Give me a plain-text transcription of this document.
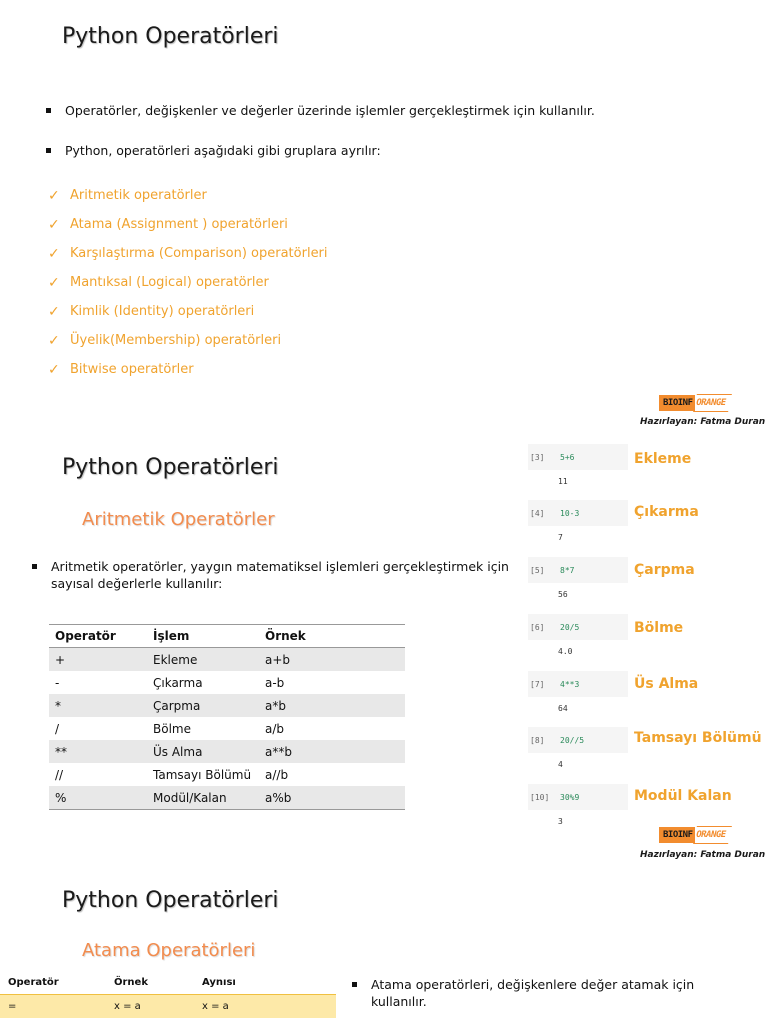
Python Operatörleri
Operatörler, değişkenler ve değerler üzerinde işlemler gerçekleştirmek için kullanılır.
Python, operatörleri aşağıdaki gibi gruplara ayrılır:
✓ Aritmetik operatörler
✓ Atama (Assignment ) operatörleri
✓ Karşılaştırma (Comparison) operatörleri
✓ Mantıksal (Logical) operatörler
✓ Kimlik (Identity) operatörleri
✓ Üyelik(Membership) operatörleri
✓ Bitwise operatörler
BIOINF ORANGE
Hazırlayan: Fatma Duran
Python Operatörleri
Aritmetik Operatörler
Aritmetik operatörler, yaygın matematiksel işlemleri gerçekleştirmek için sayısal değerlerle kullanılır:
Operatör	İşlem	Örnek
+	Ekleme	a+b
-	Çıkarma	a-b
*	Çarpma	a*b
/	Bölme	a/b
**	Üs Alma	a**b
//	Tamsayı Bölümü	a//b
%	Modül/Kalan	a%b
[3]	5+6
11
Ekleme
[4]	10-3
7
Çıkarma
[5]	8*7
56
Çarpma
[6]	20/5
4.0
Bölme
[7]	4**3
64
Üs Alma
[8]	20//5
4
Tamsayı Bölümü
[10]	30%9
3
Modül Kalan
BIOINF ORANGE
Hazırlayan: Fatma Duran
Python Operatörleri
Atama Operatörleri
Operatör	Örnek	Aynısı
=	x = a	x = a
Atama operatörleri, değişkenlere değer atamak için kullanılır.
